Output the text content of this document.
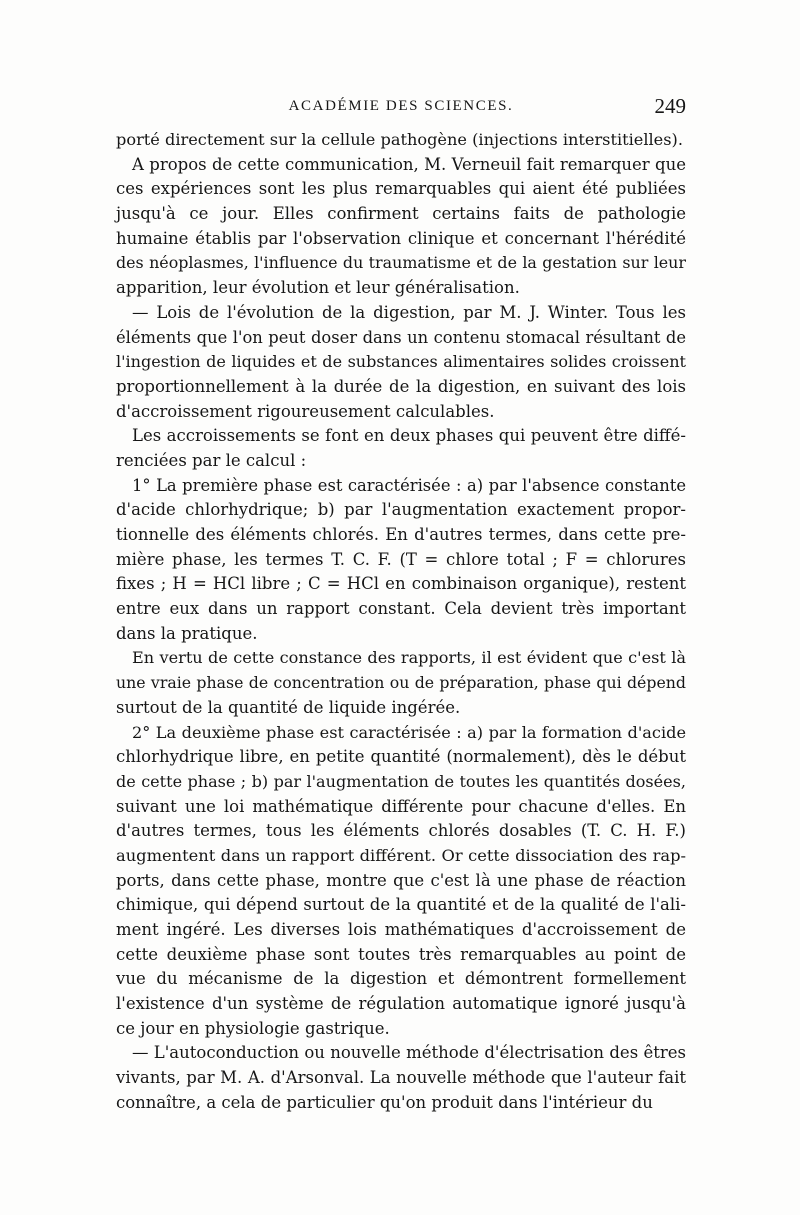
ACADÉMIE DES SCIENCES.	249
porté directement sur la cellule pathogène (injections interstitielles).
A propos de cette communication, M. Verneuil fait remarquer que
ces expériences sont les plus remarquables qui aient été publiées
jusqu'à ce jour. Elles confirment certains faits de pathologie
humaine établis par l'observation clinique et concernant l'hérédité
des néoplasmes, l'influence du traumatisme et de la gestation sur leur
apparition, leur évolution et leur généralisation.
— Lois de l'évolution de la digestion, par M. J. Winter. Tous les
éléments que l'on peut doser dans un contenu stomacal résultant de
l'ingestion de liquides et de substances alimentaires solides croissent
proportionnellement à la durée de la digestion, en suivant des lois
d'accroissement rigoureusement calculables.
Les accroissements se font en deux phases qui peuvent être diffé-
renciées par le calcul :
1° La première phase est caractérisée : a) par l'absence constante
d'acide chlorhydrique; b) par l'augmentation exactement propor-
tionnelle des éléments chlorés. En d'autres termes, dans cette pre-
mière phase, les termes T. C. F. (T = chlore total ; F = chlorures
fixes ; H = HCl libre ; C = HCl en combinaison organique), restent
entre eux dans un rapport constant. Cela devient très important
dans la pratique.
En vertu de cette constance des rapports, il est évident que c'est là
une vraie phase de concentration ou de préparation, phase qui dépend
surtout de la quantité de liquide ingérée.
2° La deuxième phase est caractérisée : a) par la formation d'acide
chlorhydrique libre, en petite quantité (normalement), dès le début
de cette phase ; b) par l'augmentation de toutes les quantités dosées,
suivant une loi mathématique différente pour chacune d'elles. En
d'autres termes, tous les éléments chlorés dosables (T. C. H. F.)
augmentent dans un rapport différent. Or cette dissociation des rap-
ports, dans cette phase, montre que c'est là une phase de réaction
chimique, qui dépend surtout de la quantité et de la qualité de l'ali-
ment ingéré. Les diverses lois mathématiques d'accroissement de
cette deuxième phase sont toutes très remarquables au point de
vue du mécanisme de la digestion et démontrent formellement
l'existence d'un système de régulation automatique ignoré jusqu'à
ce jour en physiologie gastrique.
— L'autoconduction ou nouvelle méthode d'électrisation des êtres
vivants, par M. A. d'Arsonval. La nouvelle méthode que l'auteur fait
connaître, a cela de particulier qu'on produit dans l'intérieur du
